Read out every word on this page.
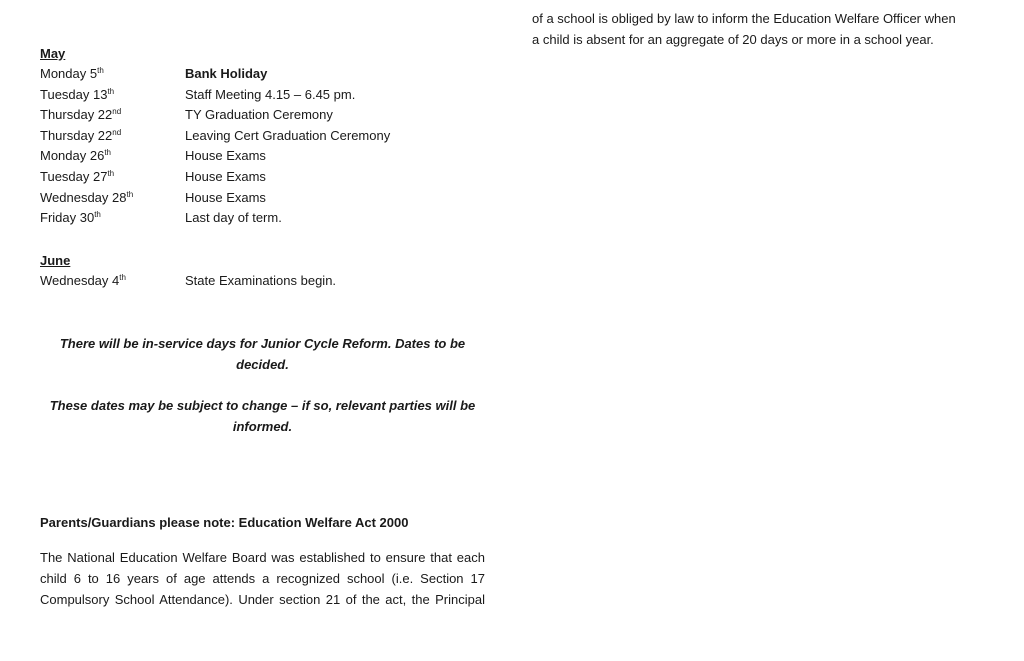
May
Monday 5th	Bank Holiday
Tuesday 13th	Staff Meeting 4.15 – 6.45 pm.
Thursday 22nd	TY Graduation Ceremony
Thursday 22nd	Leaving Cert Graduation Ceremony
Monday 26th	House Exams
Tuesday 27th	House Exams
Wednesday 28th	House Exams
Friday 30th	Last day of term.
June
Wednesday 4th	State Examinations begin.
There will be in-service days for Junior Cycle Reform. Dates to be
decided.
These dates may be subject to change – if so, relevant parties will be
informed.
Parents/Guardians please note: Education Welfare Act 2000
The National Education Welfare Board was established to ensure that each
child 6 to 16 years of age attends a recognized school (i.e. Section 17
Compulsory School Attendance). Under section 21 of the act, the Principal
of a school is obliged by law to inform the Education Welfare Officer when
a child is absent for an aggregate of 20 days or more in a school year.
